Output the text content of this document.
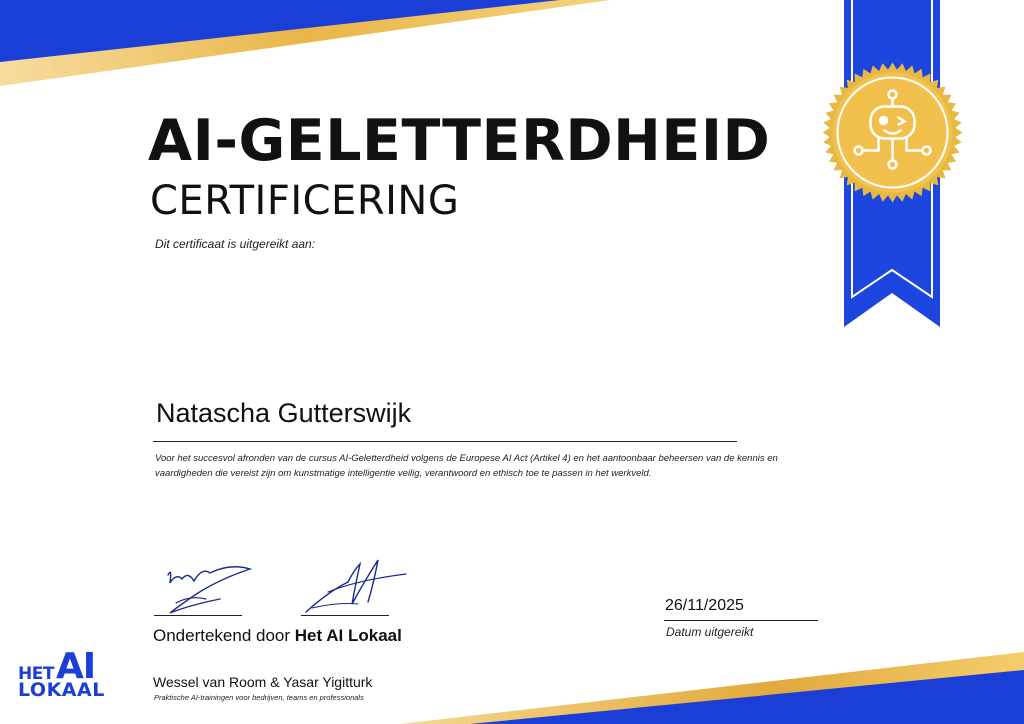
AI-GELETTERDHEID
CERTIFICERING
Dit certificaat is uitgereikt aan:
Natascha Gutterswijk
Voor het succesvol afronden van de cursus AI-Geletterdheid volgens de Europese AI Act (Artikel 4) en het aantoonbaar beheersen van de kennis en vaardigheden die vereist zijn om kunstmatige intelligentie veilig, verantwoord en ethisch toe te passen in het werkveld.
Ondertekend door Het AI Lokaal
26/11/2025
Datum uitgereikt
HETAI
LOKAAL	Wessel van Room & Yasar Yigitturk
Praktische AI-trainingen voor bedrijven, teams en professionals
